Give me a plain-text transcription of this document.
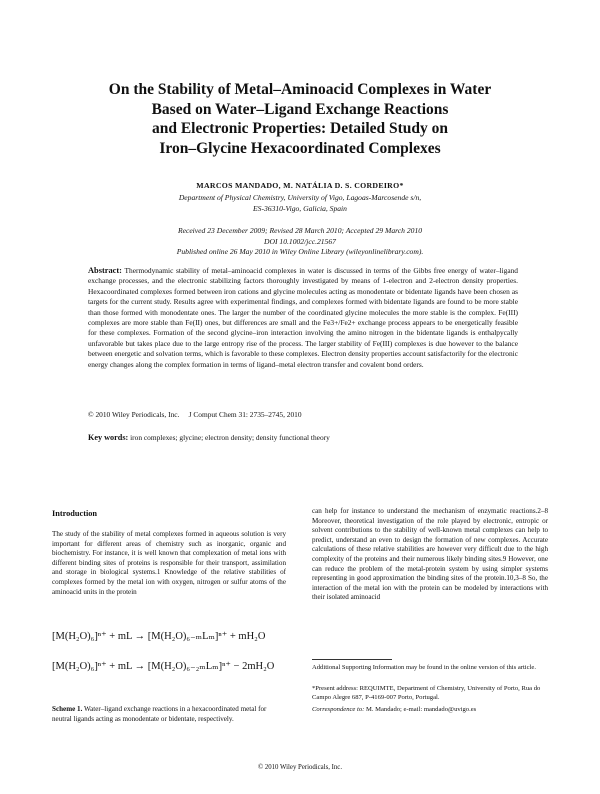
On the Stability of Metal–Aminoacid Complexes in Water
Based on Water–Ligand Exchange Reactions
and Electronic Properties: Detailed Study on
Iron–Glycine Hexacoordinated Complexes
MARCOS MANDADO, M. NATÁLIA D. S. CORDEIRO*
Department of Physical Chemistry, University of Vigo, Lagoas-Marcosende s/n,
ES-36310-Vigo, Galicia, Spain
Received 23 December 2009; Revised 28 March 2010; Accepted 29 March 2010
DOI 10.1002/jcc.21567
Published online 26 May 2010 in Wiley Online Library (wileyonlinelibrary.com).
Abstract: Thermodynamic stability of metal–aminoacid complexes in water is discussed in terms of the Gibbs free energy of water–ligand exchange processes, and the electronic stabilizing factors thoroughly investigated by means of 1-electron and 2-electron density properties. Hexacoordinated complexes formed between iron cations and glycine molecules acting as monodentate or bidentate ligands have been chosen as targets for the current study. Results agree with experimental findings, and complexes formed with bidentate ligands are found to be more stable than those formed with monodentate ones. The larger the number of the coordinated glycine molecules the more stable is the complex. Fe(III) complexes are more stable than Fe(II) ones, but differences are small and the Fe3+/Fe2+ exchange process appears to be energetically feasible for these complexes. Formation of the second glycine–iron interaction involving the amino nitrogen in the bidentate ligands is enthalpycally unfavorable but takes place due to the large entropy rise of the process. The larger stability of Fe(III) complexes is due however to the balance between energetic and solvation terms, which is favorable to these complexes. Electron density properties account satisfactorily for the electronic energy changes along the complex formation in terms of ligand–metal electron transfer and covalent bond orders.
© 2010 Wiley Periodicals, Inc.     J Comput Chem 31: 2735–2745, 2010
Key words: iron complexes; glycine; electron density; density functional theory
Introduction
The study of the stability of metal complexes formed in aqueous solution is very important for different areas of chemistry such as inorganic, organic and biochemistry. For instance, it is well known that complexation of metal ions with different binding sites of proteins is responsible for their transport, assimilation and storage in biological systems.1 Knowledge of the relative stabilities of complexes formed by the metal ion with oxygen, nitrogen or sulfur atoms of the aminoacid units in the protein
[M(H₂O)₆]ⁿ⁺ + mL → [M(H₂O)₆₋ₘLₘ]ⁿ⁺ + mH₂O
[M(H₂O)₆]ⁿ⁺ + mL → [M(H₂O)₆₋₂ₘLₘ]ⁿ⁺ − 2mH₂O
Scheme 1. Water–ligand exchange reactions in a hexacoordinated metal for neutral ligands acting as monodentate or bidentate, respectively.
can help for instance to understand the mechanism of enzymatic reactions.2–8 Moreover, theoretical investigation of the role played by electronic, entropic or solvent contributions to the stability of well-known metal complexes can help to predict, understand an even to design the formation of new complexes. Accurate calculations of these relative stabilities are however very difficult due to the high complexity of the proteins and their numerous likely binding sites.9 However, one can reduce the problem of the metal-protein system by using simpler systems representing in good approximation the binding sites of the protein.10,3–8 So, the interaction of the metal ion with the protein can be modeled by interactions with their isolated aminoacid
Additional Supporting Information may be found in the online version of this article.
*Present address: REQUIMTE, Department of Chemistry, University of Porto, Rua do Campo Alegre 687, P-4169-007 Porto, Portugal.
Correspondence to: M. Mandado; e-mail: mandado@uvigo.es
© 2010 Wiley Periodicals, Inc.
